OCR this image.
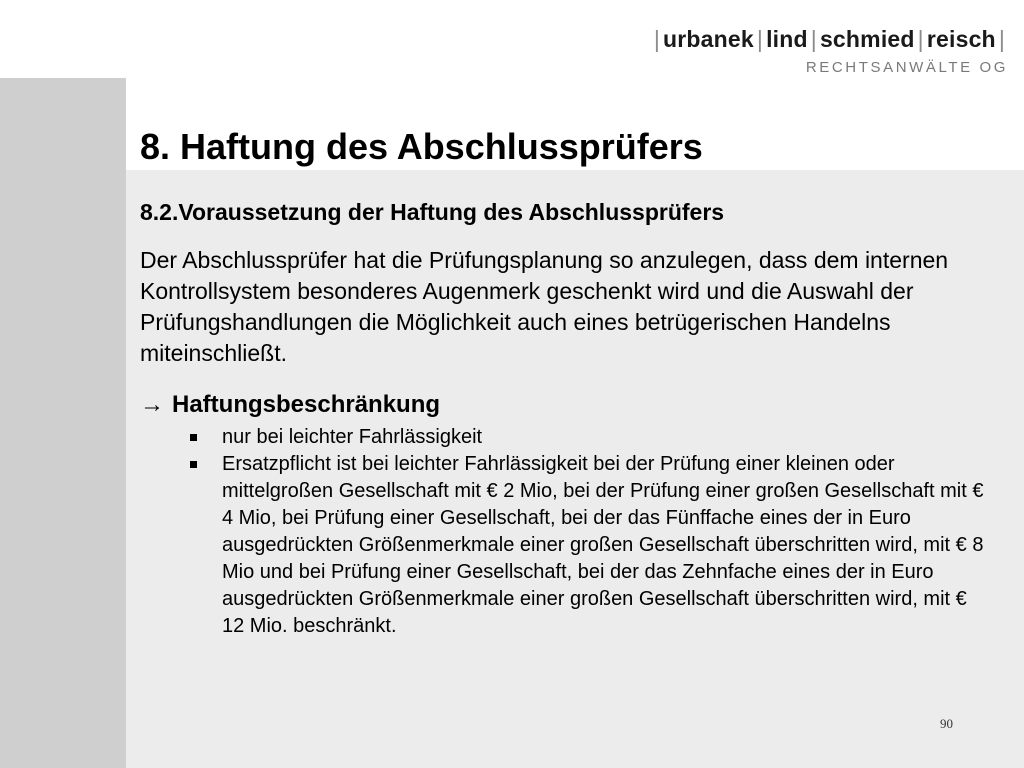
| urbanek | lind | schmied | reisch |
RECHTSANWÄLTE OG
8. Haftung des Abschlussprüfers
8.2.Voraussetzung der Haftung des Abschlussprüfers

Der Abschlussprüfer hat die Prüfungsplanung so anzulegen, dass dem internen Kontrollsystem besonderes Augenmerk geschenkt wird und die Auswahl der Prüfungshandlungen die Möglichkeit auch eines betrügerischen Handelns miteinschließt.

→ Haftungsbeschränkung
nur bei leichter Fahrlässigkeit
Ersatzpflicht ist bei leichter Fahrlässigkeit bei der Prüfung einer kleinen oder mittelgroßen Gesellschaft mit € 2 Mio, bei der Prüfung einer großen Gesellschaft mit € 4 Mio, bei Prüfung einer Gesellschaft, bei der das Fünffache eines der in Euro ausgedrückten Größenmerkmale einer großen Gesellschaft überschritten wird, mit € 8 Mio und bei Prüfung einer Gesellschaft, bei der das Zehnfache eines der in Euro ausgedrückten Größenmerkmale einer großen Gesellschaft überschritten wird, mit € 12 Mio. beschränkt.
90
